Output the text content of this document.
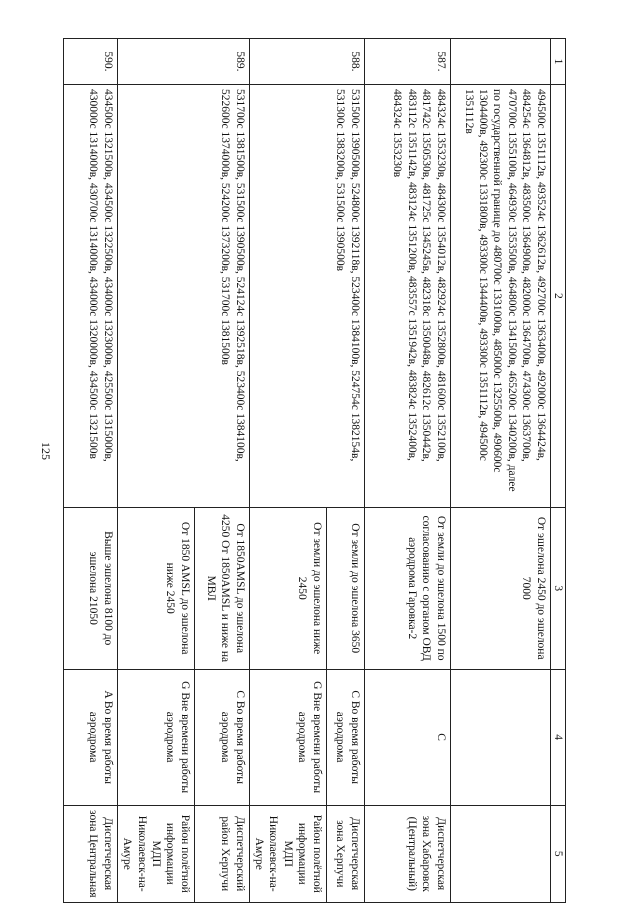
125
1	2	3	4	5
	494500с 1351112в, 493524с 1362612в, 492700с 1363400в, 492000с 1364424в, 484254с 1364812в, 483500с 1364900в, 482000с 1364700в, 474300с 1363700в, 470700с 1355100в, 464930с 1353500в, 464800с 1341500в, 465200с 1340200в, далее по государственной границе до 480700с 1331000в, 485000с 1325500в, 490600с 1304400в, 492300с 1331800в, 493300с 1344400в, 493300с 1351112в, 494500с 1351112в	От эшелона 2450 до эшелона 7000		
587.	484324с 1353230в, 484300с 1354012в, 482924с 1352800в, 481600с 1352100в, 481742с 1350530в, 481725с 1345245в, 482318с 1350048в, 482612с 1350442в, 483112с 1351142в, 483124с 1351200в, 483557с 1351942в, 483824с 1352400в, 484324с 1353230в	От земли до эшелона 1500 по согласованию с органом ОВД аэродрома Гаровка-2	C	Диспетчерская зона Хабаровск (Центральный)
588.	531500с 1390500в, 524800с 1392118в, 523400с 1384100в, 524754с 1382154в, 531300с 1383200в, 531500с 1390500в	От земли до эшелона 3650	C Во время работы аэродрома	Диспетчерская зона Херпучи
		От земли до эшелона ниже 2450	G Вне времени работы аэродрома	Район полётной информации МДП Николаевск-на-Амуре
589.	531700с 1381500в, 531500с 1390500в, 524124с 1392518в, 523400с 1384100в, 522600с 1374000в, 524200с 1373200в, 531700с 1381500в	От 1850AMSL до эшелона 4250 От 1850AMSL и ниже на МВЛ	C Во время работы аэродрома	Диспетчерский район Херпучи
		От 1850 AMSL до эшелона ниже 2450	G Вне времени работы аэродрома	Район полётной информации МДП Николаевск-на-Амуре
590.	434500с 1321500в, 434500с 1322500в, 434000с 1323000в, 425500с 1315000в, 430000с 1314000в, 430700с 1314000в, 434000с 1320000в, 434500с 1321500в	Выше эшелона 8100 до эшелона 21050	A Во время работы аэродрома	Диспетчерская зона Центральная
